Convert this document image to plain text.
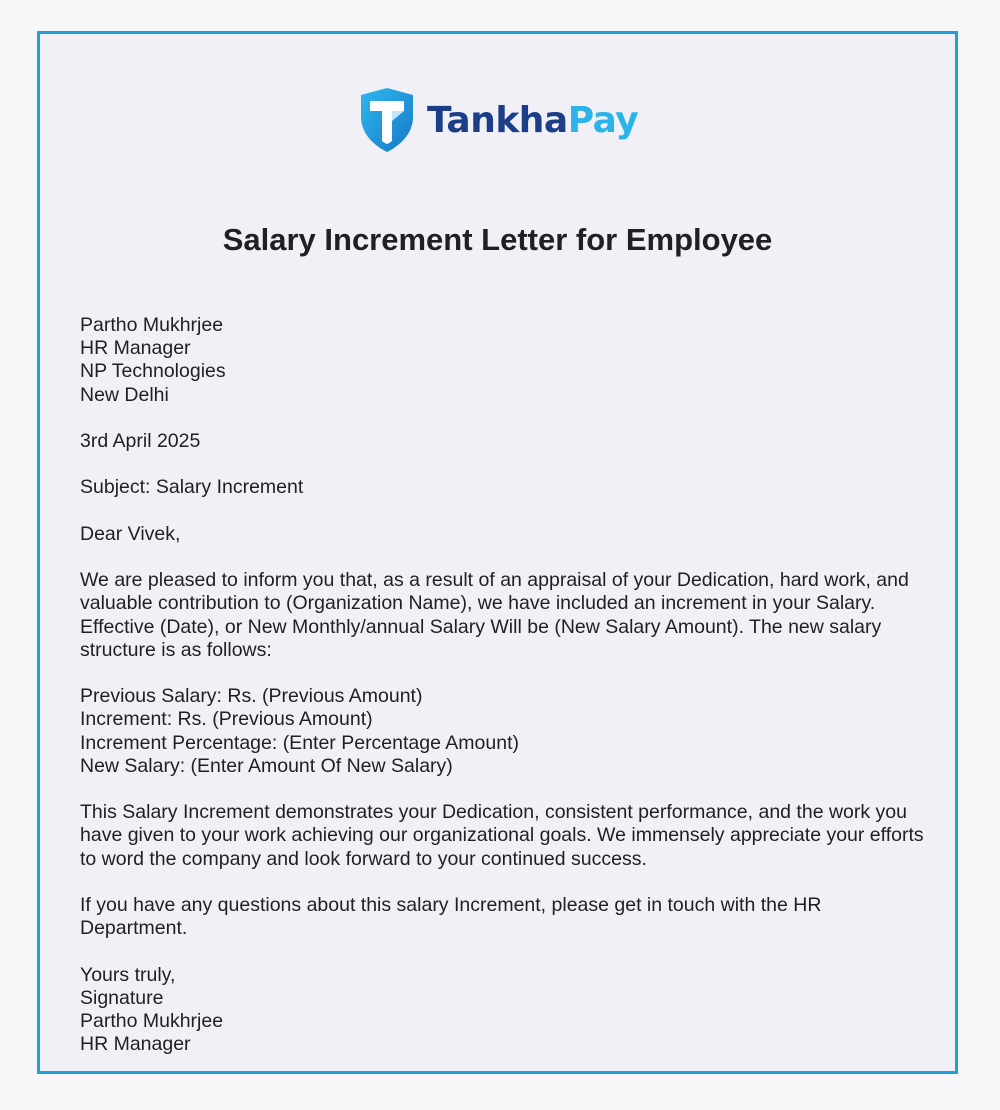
TankhaPay
Salary Increment Letter for Employee

Partho Mukhrjee
HR Manager
NP Technologies
New Delhi

3rd April 2025

Subject: Salary Increment

Dear Vivek,

We are pleased to inform you that, as a result of an appraisal of your Dedication, hard work, and valuable contribution to (Organization Name), we have included an increment in your Salary. Effective (Date), or New Monthly/annual Salary Will be (New Salary Amount). The new salary structure is as follows:

Previous Salary: Rs. (Previous Amount)
Increment: Rs. (Previous Amount)
Increment Percentage: (Enter Percentage Amount)
New Salary: (Enter Amount Of New Salary)

This Salary Increment demonstrates your Dedication, consistent performance, and the work you have given to your work achieving our organizational goals. We immensely appreciate your efforts to word the company and look forward to your continued success.

If you have any questions about this salary Increment, please get in touch with the HR Department.

Yours truly,
Signature
Partho Mukhrjee
HR Manager
